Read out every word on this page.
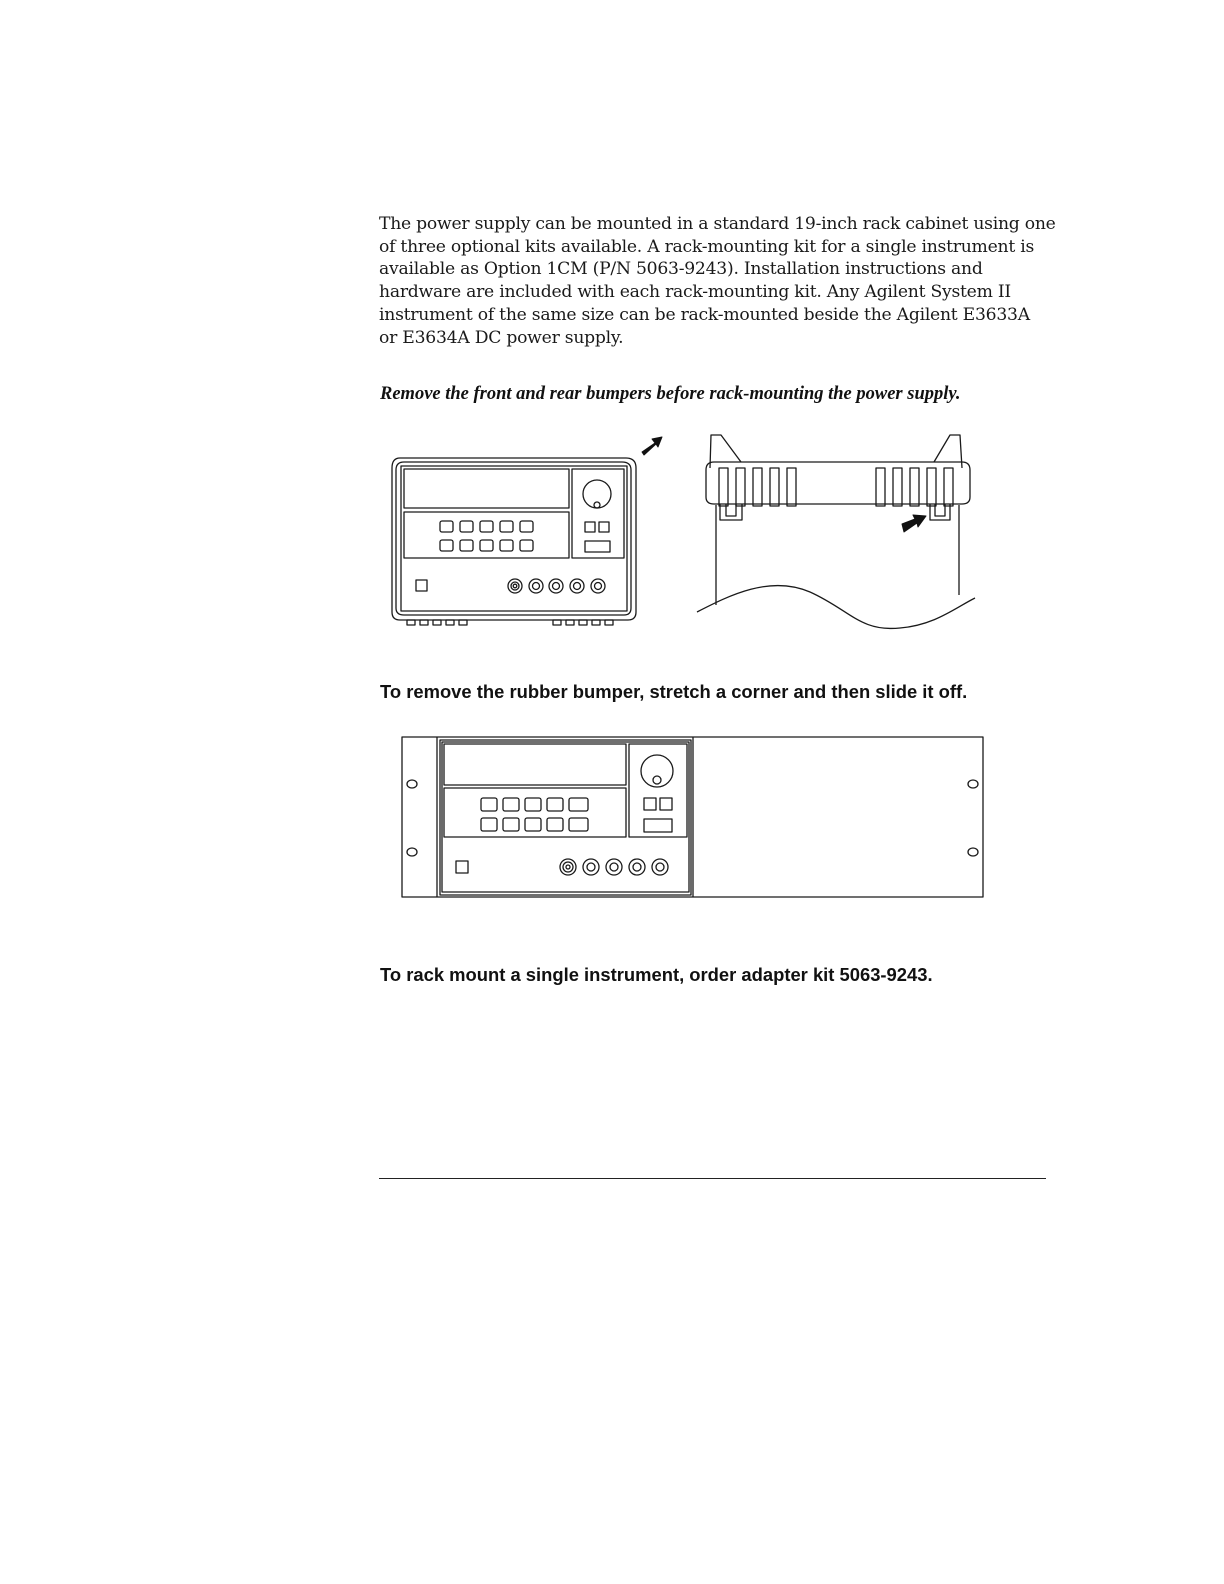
The power supply can be mounted in a standard 19-inch rack cabinet using one
of three optional kits available. A rack-mounting kit for a single instrument is
available as Option 1CM (P/N 5063-9243). Installation instructions and
hardware are included with each rack-mounting kit. Any Agilent System II
instrument of the same size can be rack-mounted beside the Agilent E3633A
or E3634A DC power supply.

Remove the front and rear bumpers before rack-mounting the power supply.

To remove the rubber bumper, stretch a corner and then slide it off.

To rack mount a single instrument, order adapter kit 5063-9243.
